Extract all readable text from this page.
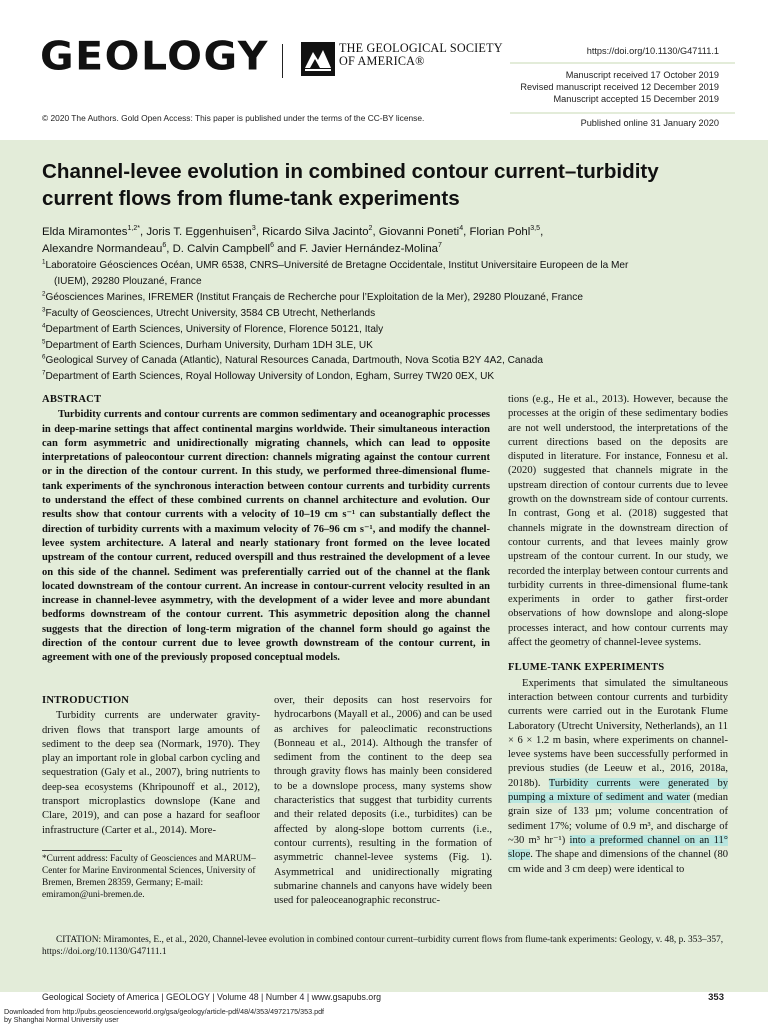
GEOLOGY	THE GEOLOGICAL SOCIETY
OF AMERICA®
https://doi.org/10.1130/G47111.1
Manuscript received 17 October 2019
Revised manuscript received 12 December 2019
Manuscript accepted 15 December 2019
Published online 31 January 2020
© 2020 The Authors. Gold Open Access: This paper is published under the terms of the CC-BY license.
Channel-levee evolution in combined contour current–turbidity current flows from flume-tank experiments
Elda Miramontes$^{1,2*}$, Joris T. Eggenhuisen$^3$, Ricardo Silva Jacinto$^2$, Giovanni Poneti$^4$, Florian Pohl$^{3,5}$,
Alexandre Normandeau$^6$, D. Calvin Campbell$^6$ and F. Javier Hernández-Molina$^7$
$^1$Laboratoire Géosciences Océan, UMR 6538, CNRS–Université de Bretagne Occidentale, Institut Universitaire Europeen de la Mer
(IUEM), 29280 Plouzané, France
$^2$Géosciences Marines, IFREMER (Institut Français de Recherche pour l’Exploitation de la Mer), 29280 Plouzané, France
$^3$Faculty of Geosciences, Utrecht University, 3584 CB Utrecht, Netherlands
$^4$Department of Earth Sciences, University of Florence, Florence 50121, Italy
$^5$Department of Earth Sciences, Durham University, Durham 1DH 3LE, UK
$^6$Geological Survey of Canada (Atlantic), Natural Resources Canada, Dartmouth, Nova Scotia B2Y 4A2, Canada
$^7$Department of Earth Sciences, Royal Holloway University of London, Egham, Surrey TW20 0EX, UK
ABSTRACT

Turbidity currents and contour currents are common sedimentary and oceanographic processes in deep-marine settings that affect continental margins worldwide. Their simultaneous interaction can form asymmetric and unidirectionally migrating channels, which can lead to opposite interpretations of paleocontour current direction: channels migrating against the contour current or in the direction of the contour current. In this study, we performed three-dimensional flume-tank experiments of the synchronous interaction between contour currents and turbidity currents to understand the effect of these combined currents on channel architecture and evolution. Our results show that contour currents with a velocity of 10–19 cm s⁻¹ can substantially deflect the direction of turbidity currents with a maximum velocity of 76–96 cm s⁻¹, and modify the channel-levee system architecture. A lateral and nearly stationary front formed on the levee located upstream of the contour current, reduced overspill and thus restrained the development of a levee on this side of the channel. Sediment was preferentially carried out of the channel at the flank located downstream of the contour current. An increase in contour-current velocity resulted in an increase in channel-levee asymmetry, with the development of a wider levee and more abundant bedforms downstream of the contour current. This asymmetric deposition along the channel suggests that the direction of long-term migration of the channel form should go against the direction of the contour current due to levee growth downstream of the contour current, in agreement with one of the previously proposed conceptual models.

INTRODUCTION

Turbidity currents are underwater gravity-driven flows that transport large amounts of sediment to the deep sea (Normark, 1970). They play an important role in global carbon cycling and sequestration (Galy et al., 2007), bring nutrients to deep-sea ecosystems (Khripounoff et al., 2012), transport microplastics downslope (Kane and Clare, 2019), and can pose a hazard for seafloor infrastructure (Carter et al., 2014). More-

*Current address: Faculty of Geosciences and MARUM–Center for Marine Environmental Sciences, University of Bremen, Bremen 28359, Germany; E-mail: emiramon@uni-bremen.de.

over, their deposits can host reservoirs for hydrocarbons (Mayall et al., 2006) and can be used as archives for paleoclimatic reconstructions (Bonneau et al., 2014). Although the transfer of sediment from the continent to the deep sea through gravity flows has mainly been considered to be a downslope process, many systems show characteristics that suggest that turbidity currents and their related deposits (i.e., turbidites) can be affected by along-slope bottom currents (i.e., contour currents), resulting in the formation of asymmetric channel-levee systems (Fig. 1). Asymmetrical and unidirectionally migrating submarine channels and canyons have widely been used for paleoceanographic reconstruc-

tions (e.g., He et al., 2013). However, because the processes at the origin of these sedimentary bodies are not well understood, the interpretations of the current directions based on the deposits are disputed in literature. For instance, Fonnesu et al. (2020) suggested that channels migrate in the upstream direction of contour currents due to levee growth on the downstream side of contour currents. In contrast, Gong et al. (2018) suggested that channels migrate in the downstream direction of contour currents, and that levees mainly grow upstream of the contour current. In our study, we recorded the interplay between contour currents and turbidity currents in three-dimensional flume-tank experiments in order to gather first-order observations of how downslope and along-slope processes interact, and how contour currents may affect the geometry of channel-levee systems.

FLUME-TANK EXPERIMENTS

Experiments that simulated the simultaneous interaction between contour currents and turbidity currents were carried out in the Eurotank Flume Laboratory (Utrecht University, Netherlands), an 11 × 6 × 1.2 m basin, where experiments on channel-levee systems have been successfully performed in previous studies (de Leeuw et al., 2016, 2018a, 2018b). Turbidity currents were generated by pumping a mixture of sediment and water (median grain size of 133 µm; volume concentration of sediment 17%; volume of 0.9 m³, and discharge of ~30 m³ hr⁻¹) into a preformed channel on an 11° slope. The shape and dimensions of the channel (80 cm wide and 3 cm deep) were identical to

CITATION: Miramontes, E., et al., 2020, Channel-levee evolution in combined contour current–turbidity current flows from flume-tank experiments: Geology, v. 48, p. 353–357, https://doi.org/10.1130/G47111.1
Geological Society of America | GEOLOGY | Volume 48 | Number 4 | www.gsapubs.org	353
Downloaded from http://pubs.geoscienceworld.org/gsa/geology/article-pdf/48/4/353/4972175/353.pdf
by Shanghai Normal University user
